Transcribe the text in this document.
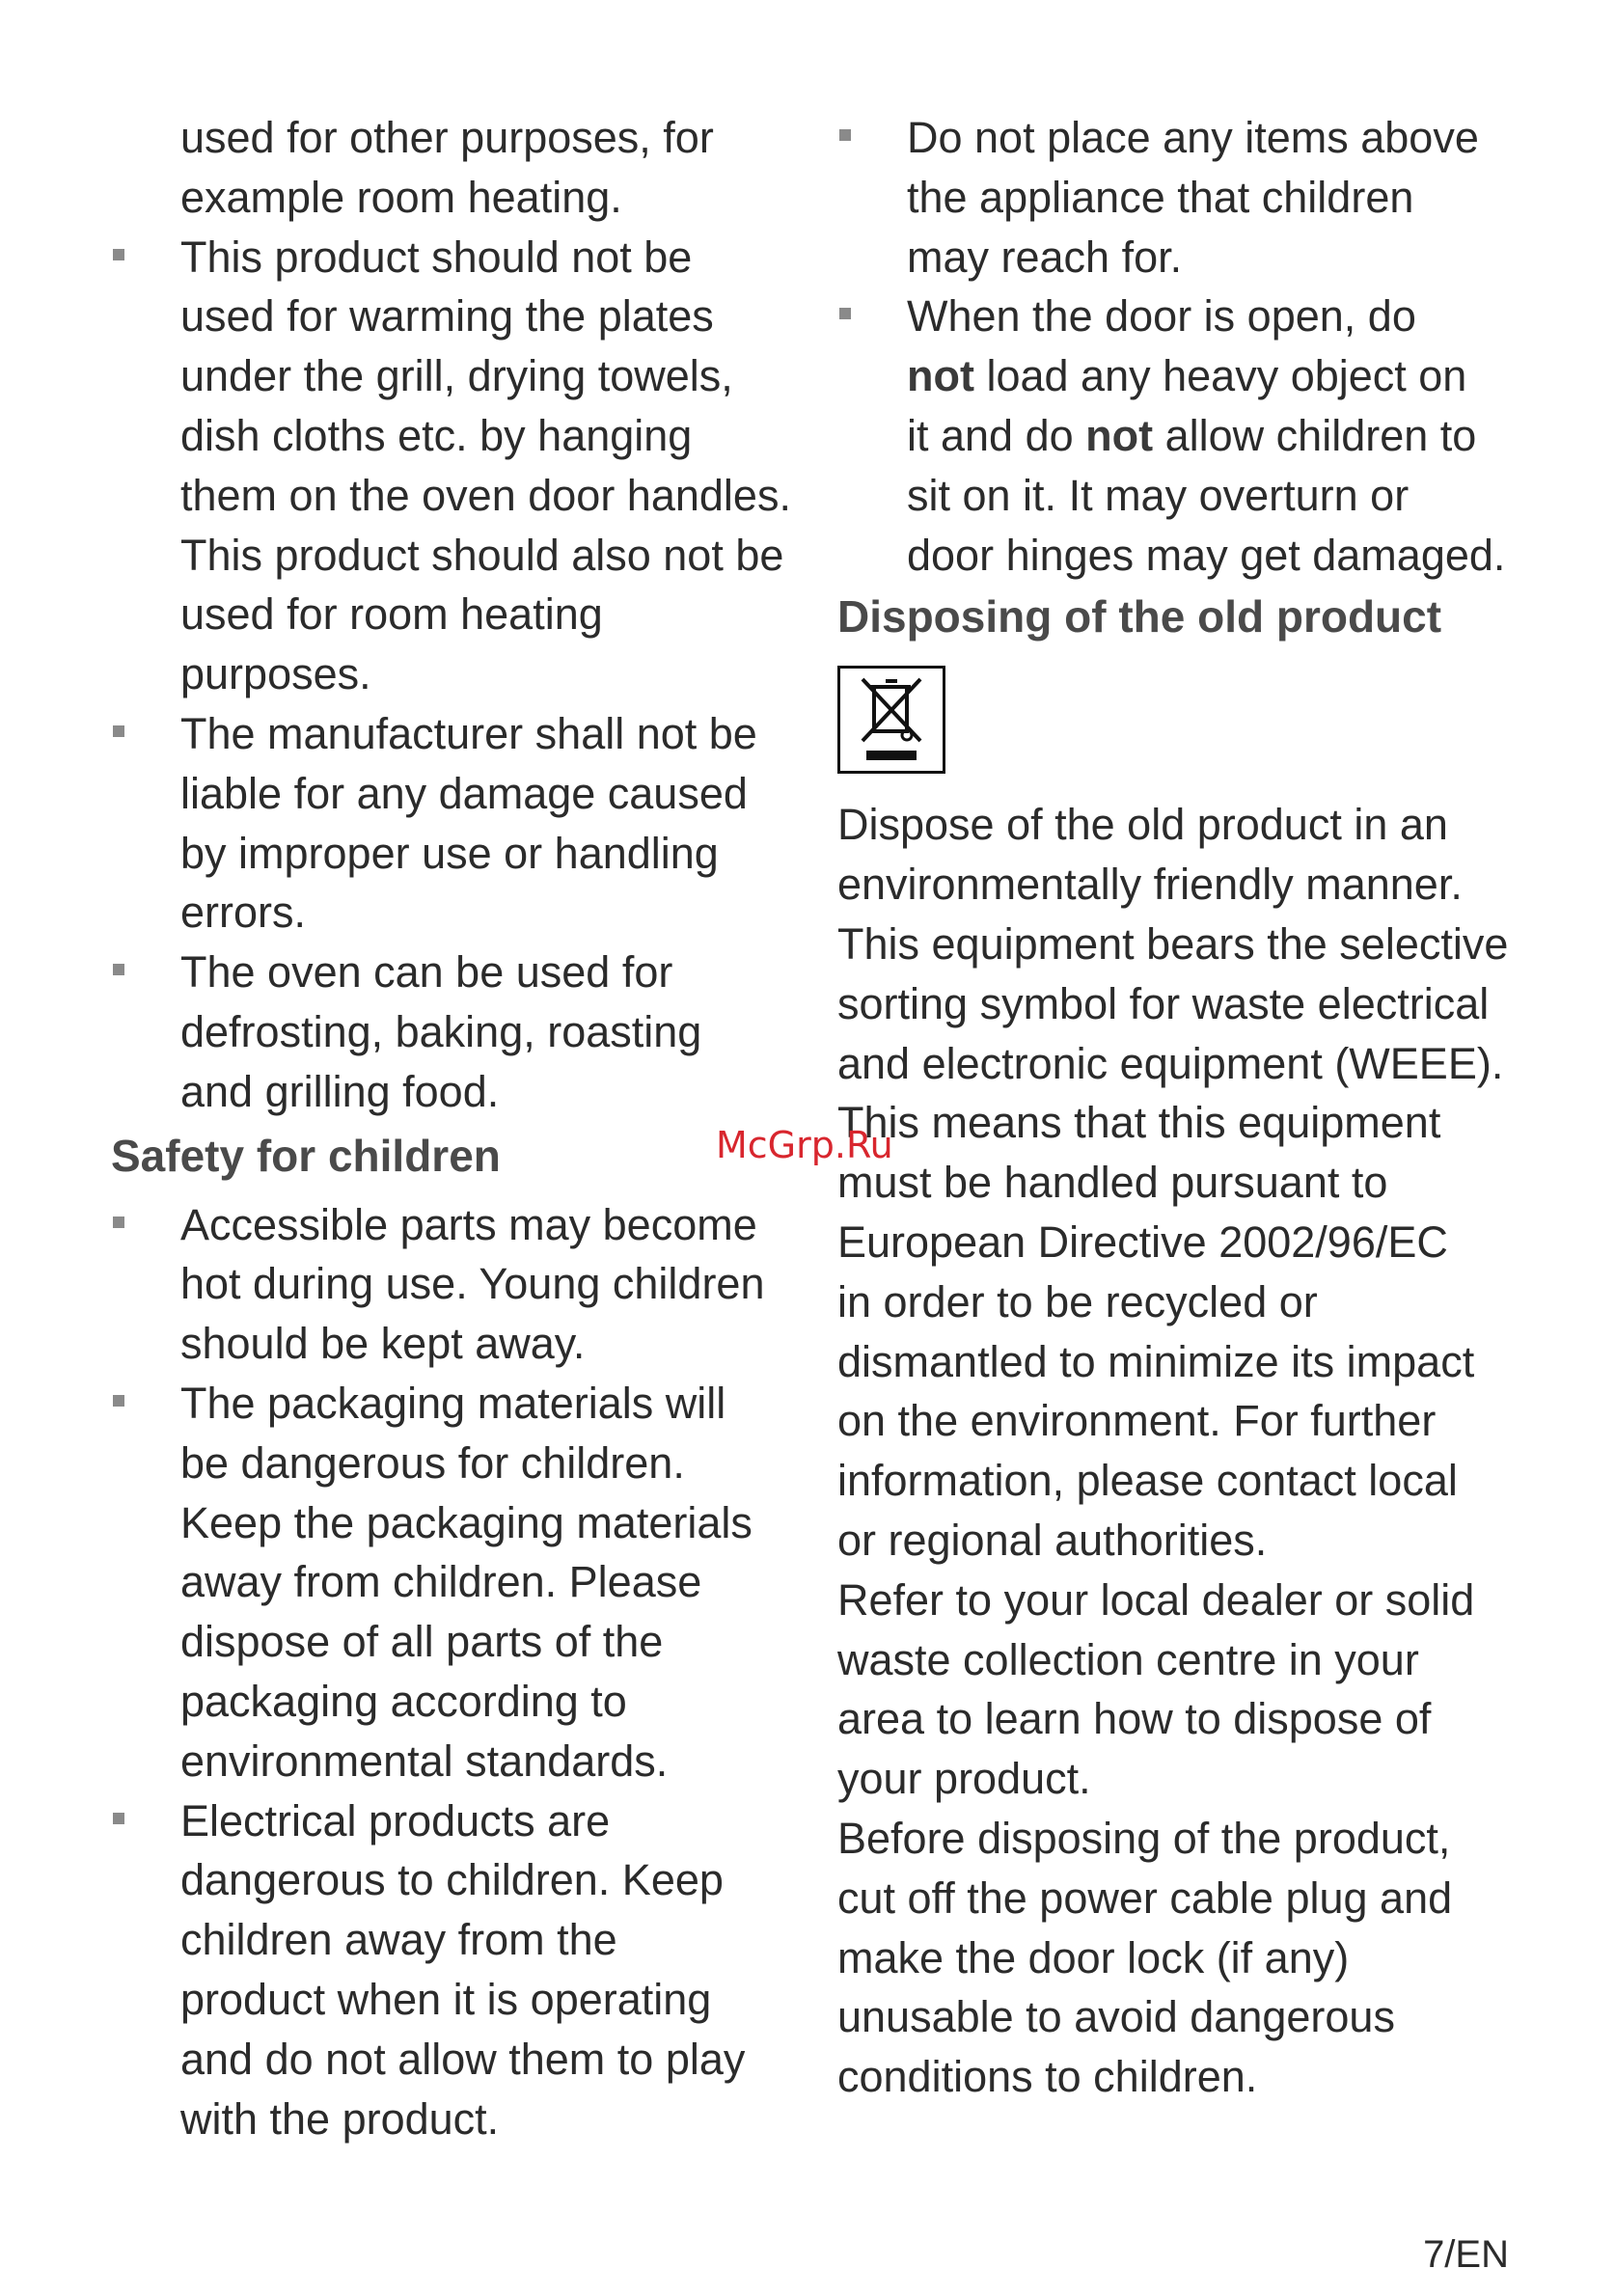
used for other purposes, for

example room heating.

This product should not be

used for warming the plates

under the grill, drying towels,

dish cloths etc. by hanging

them on the oven door handles.

This product should also not be

used for room heating

purposes.

The manufacturer shall not be

liable for any damage caused

by improper use or handling

errors.

The oven can be used for

defrosting, baking, roasting

and grilling food.

Safety for children

Accessible parts may become

hot during use. Young children

should be kept away.

The packaging materials will

be dangerous for children.

Keep the packaging materials

away from children. Please

dispose of all parts of the

packaging according to

environmental standards.

Electrical products are

dangerous to children. Keep

children away from the

product when it is operating

and do not allow them to play

with the product.

Do not place any items above

the appliance that children

may reach for.

When the door is open, do

not load any heavy object on

it and do not allow children to

sit on it. It may overturn or

door hinges may get damaged.

Disposing of the old product

Dispose of the old product in an

environmentally friendly manner.

This equipment bears the selective

sorting symbol for waste electrical

and electronic equipment (WEEE).

This means that this equipment

must be handled pursuant to

European Directive 2002/96/EC

in order to be recycled or

dismantled to minimize its impact

on the environment. For further

information, please contact local

or regional authorities.

Refer to your local dealer or solid

waste collection centre in your

area to learn how to dispose of

your product.

Before disposing of the product,

cut off the power cable plug and

make the door lock (if any)

unusable to avoid dangerous

conditions to children.

McGrp.Ru
7/EN
